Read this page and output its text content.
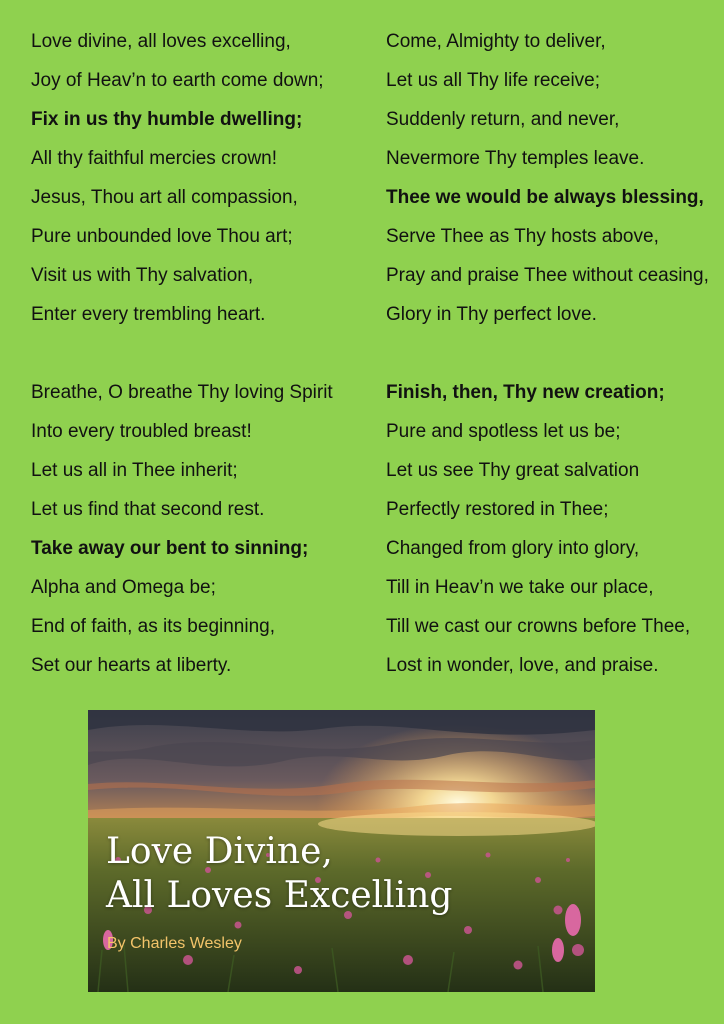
Love divine, all loves excelling,
Joy of Heav’n to earth come down;
Fix in us thy humble dwelling;
All thy faithful mercies crown!
Jesus, Thou art all compassion,
Pure unbounded love Thou art;
Visit us with Thy salvation,
Enter every trembling heart.
Breathe, O breathe Thy loving Spirit
Into every troubled breast!
Let us all in Thee inherit;
Let us find that second rest.
Take away our bent to sinning;
Alpha and Omega be;
End of faith, as its beginning,
Set our hearts at liberty.
Come, Almighty to deliver,
Let us all Thy life receive;
Suddenly return, and never,
Nevermore Thy temples leave.
Thee we would be always blessing,
Serve Thee as Thy hosts above,
Pray and praise Thee without ceasing,
Glory in Thy perfect love.
Finish, then, Thy new creation;
Pure and spotless let us be;
Let us see Thy great salvation
Perfectly restored in Thee;
Changed from glory into glory,
Till in Heav’n we take our place,
Till we cast our crowns before Thee,
Lost in wonder, love, and praise.
Love Divine,
All Loves Excelling
By Charles Wesley
